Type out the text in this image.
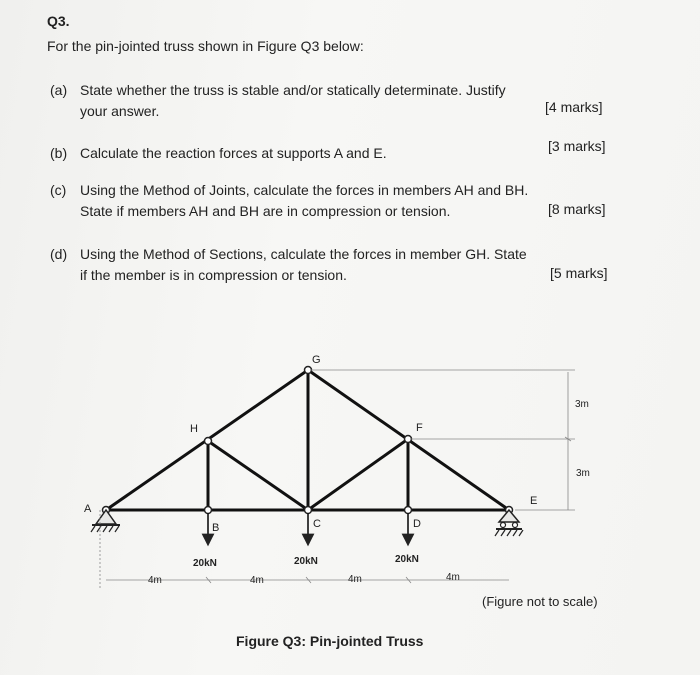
Q3.
For the pin-jointed truss shown in Figure Q3 below:
(a) State whether the truss is stable and/or statically determinate. Justify
your answer.	[4 marks]
(b) Calculate the reaction forces at supports A and E.	[3 marks]
(c) Using the Method of Joints, calculate the forces in members AH and BH.
State if members AH and BH are in compression or tension.	[8 marks]
(d) Using the Method of Sections, calculate the forces in member GH. State
if the member is in compression or tension.	[5 marks]
A
B	C	D
E
F
G
H
20kN	20kN	20kN
4m	4m	4m	4m
3m
3m
(Figure not to scale)
Figure Q3: Pin-jointed Truss
